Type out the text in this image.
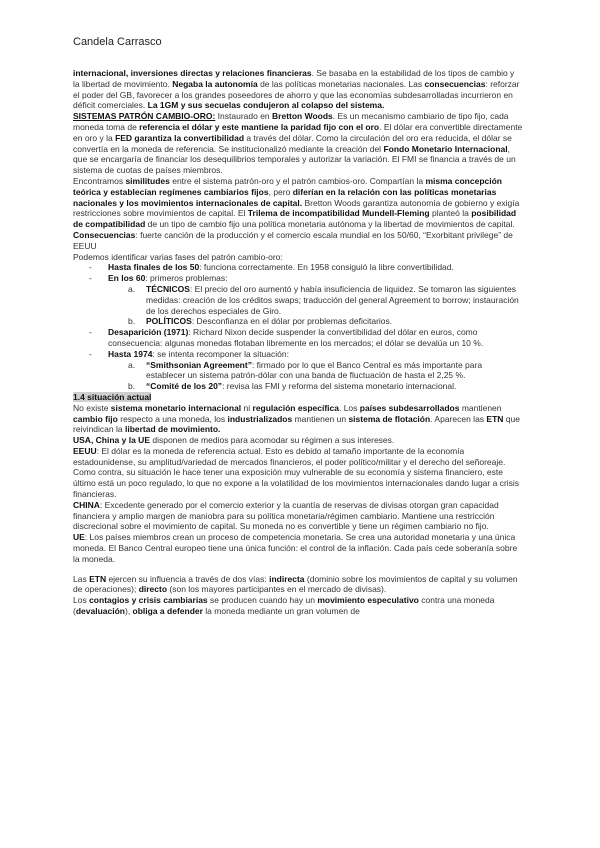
Candela Carrasco

internacional, inversiones directas y relaciones financieras. Se basaba en la estabilidad de los tipos de cambio y la libertad de movimiento. Negaba la autonomía de las políticas monetarias nacionales. Las consecuencias: reforzar el poder del GB, favorecer a los grandes poseedores de ahorro y que las economías subdesarrolladas incurrieron en déficit comerciales. La 1GM y sus secuelas condujeron al colapso del sistema.

SISTEMAS PATRÓN CAMBIO-ORO: Instaurado en Bretton Woods. Es un mecanismo cambiario de tipo fijo, cada moneda toma de referencia el dólar y este mantiene la paridad fijo con el oro. El dólar era convertible directamente en oro y la FED garantiza la convertibilidad a través del dólar. Como la circulación del oro era reducida, el dólar se convertía en la moneda de referencia. Se institucionalizó mediante la creación del Fondo Monetario Internacional, que se encargaría de financiar los desequilibrios temporales y autorizar la variación. El FMI se financia a través de un sistema de cuotas de países miembros.

Encontramos similitudes entre el sistema patrón-oro y el patrón cambios-oro. Compartían la misma concepción teórica y establecían regímenes cambiarios fijos, pero diferían en la relación con las políticas monetarias nacionales y los movimientos internacionales de capital. Bretton Woods garantiza autonomía de gobierno y exigía restricciones sobre movimientos de capital. El Trilema de incompatibilidad Mundell-Fleming planteó la posibilidad de compatibilidad de un tipo de cambio fijo una política monetaria autónoma y la libertad de movimientos de capital.

Consecuencias: fuerte canción de la producción y el comercio escala mundial en los 50/60, “Exorbitant privilege” de EEUU

Podemos identificar varias fases del patrón cambio-oro:

- Hasta finales de los 50: funciona correctamente. En 1958 consiguió la libre convertibilidad.
- En los 60: primeros problemas:
a. TÉCNICOS: El precio del oro aumentó y había insuficiencia de liquidez. Se tomaron las siguientes medidas: creación de los créditos swaps; traducción del general Agreement to borrow; instauración de los derechos especiales de Giro.
b. POLÍTICOS: Desconfianza en el dólar por problemas deficitarios.
- Desaparición (1971): Richard Nixon decide suspender la convertibilidad del dólar en euros, como consecuencia: algunas monedas flotaban libremente en los mercados; el dólar se devalúa un 10 %.
- Hasta 1974: se intenta recomponer la situación:
a. “Smithsonian Agreement”: firmado por lo que el Banco Central es más importante para establecer un sistema patrón-dólar con una banda de fluctuación de hasta el 2,25 %.
b. “Comité de los 20”: revisa las FMI y reforma del sistema monetario internacional.

1.4 situación actual

No existe sistema monetario internacional ni regulación específica. Los países subdesarrollados mantienen cambio fijo respecto a una moneda, los industrializados mantienen un sistema de flotación. Aparecen las ETN que reivindican la libertad de movimiento.

USA, China y la UE disponen de medios para acomodar su régimen a sus intereses.

EEUU: El dólar es la moneda de referencia actual. Esto es debido al tamaño importante de la economía estadounidense, su amplitud/variedad de mercados financieros, el poder político/militar y el derecho del señoreaje. Como contra, su situación le hace tener una exposición muy vulnerable de su economía y sistema financiero, este último está un poco regulado, lo que no expone a la volatilidad de los movimientos internacionales dando lugar a crisis financieras.

CHINA: Excedente generado por el comercio exterior y la cuantía de reservas de divisas otorgan gran capacidad financiera y amplio margen de maniobra para su política monetaria/régimen cambiario. Mantiene una restricción discrecional sobre el movimiento de capital. Su moneda no es convertible y tiene un régimen cambiario no fijo.

UE: Los países miembros crean un proceso de competencia monetaria. Se crea una autoridad monetaria y una única moneda. El Banco Central europeo tiene una única función: el control de la inflación. Cada país cede soberanía sobre la moneda.

Las ETN ejercen su influencia a través de dos vías: indirecta (dominio sobre los movimientos de capital y su volumen de operaciones); directo (son los mayores participantes en el mercado de divisas).

Los contagios y crisis cambiarias se producen cuando hay un movimiento especulativo contra una moneda (devaluación), obliga a defender la moneda mediante un gran volumen de
